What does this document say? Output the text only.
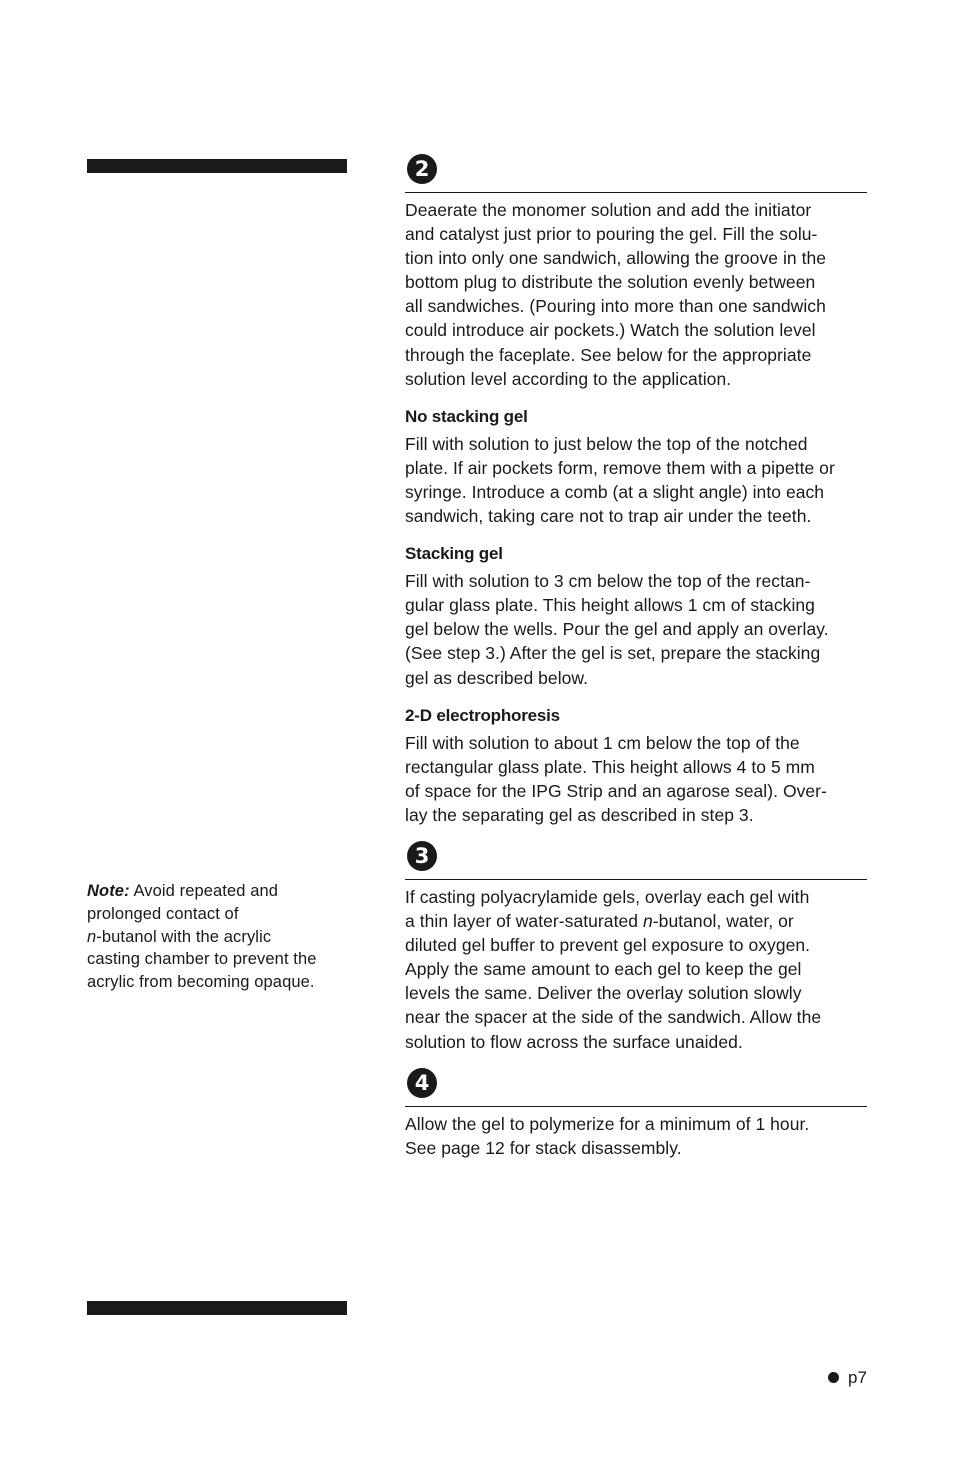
Note: Avoid repeated and
prolonged contact of
n-butanol with the acrylic
casting chamber to prevent the
acrylic from becoming opaque.
2

Deaerate the monomer solution and add the initiator
and catalyst just prior to pouring the gel. Fill the solu-
tion into only one sandwich, allowing the groove in the
bottom plug to distribute the solution evenly between
all sandwiches. (Pouring into more than one sandwich
could introduce air pockets.) Watch the solution level
through the faceplate. See below for the appropriate
solution level according to the application.

No stacking gel

Fill with solution to just below the top of the notched
plate. If air pockets form, remove them with a pipette or
syringe. Introduce a comb (at a slight angle) into each
sandwich, taking care not to trap air under the teeth.

Stacking gel

Fill with solution to 3 cm below the top of the rectan-
gular glass plate. This height allows 1 cm of stacking
gel below the wells. Pour the gel and apply an overlay.
(See step 3.) After the gel is set, prepare the stacking
gel as described below.

2-D electrophoresis

Fill with solution to about 1 cm below the top of the
rectangular glass plate. This height allows 4 to 5 mm
of space for the IPG Strip and an agarose seal). Over-
lay the separating gel as described in step 3.

3

If casting polyacrylamide gels, overlay each gel with
a thin layer of water-saturated n-butanol, water, or
diluted gel buffer to prevent gel exposure to oxygen.
Apply the same amount to each gel to keep the gel
levels the same. Deliver the overlay solution slowly
near the spacer at the side of the sandwich. Allow the
solution to flow across the surface unaided.

4

Allow the gel to polymerize for a minimum of 1 hour.
See page 12 for stack disassembly.

p7
